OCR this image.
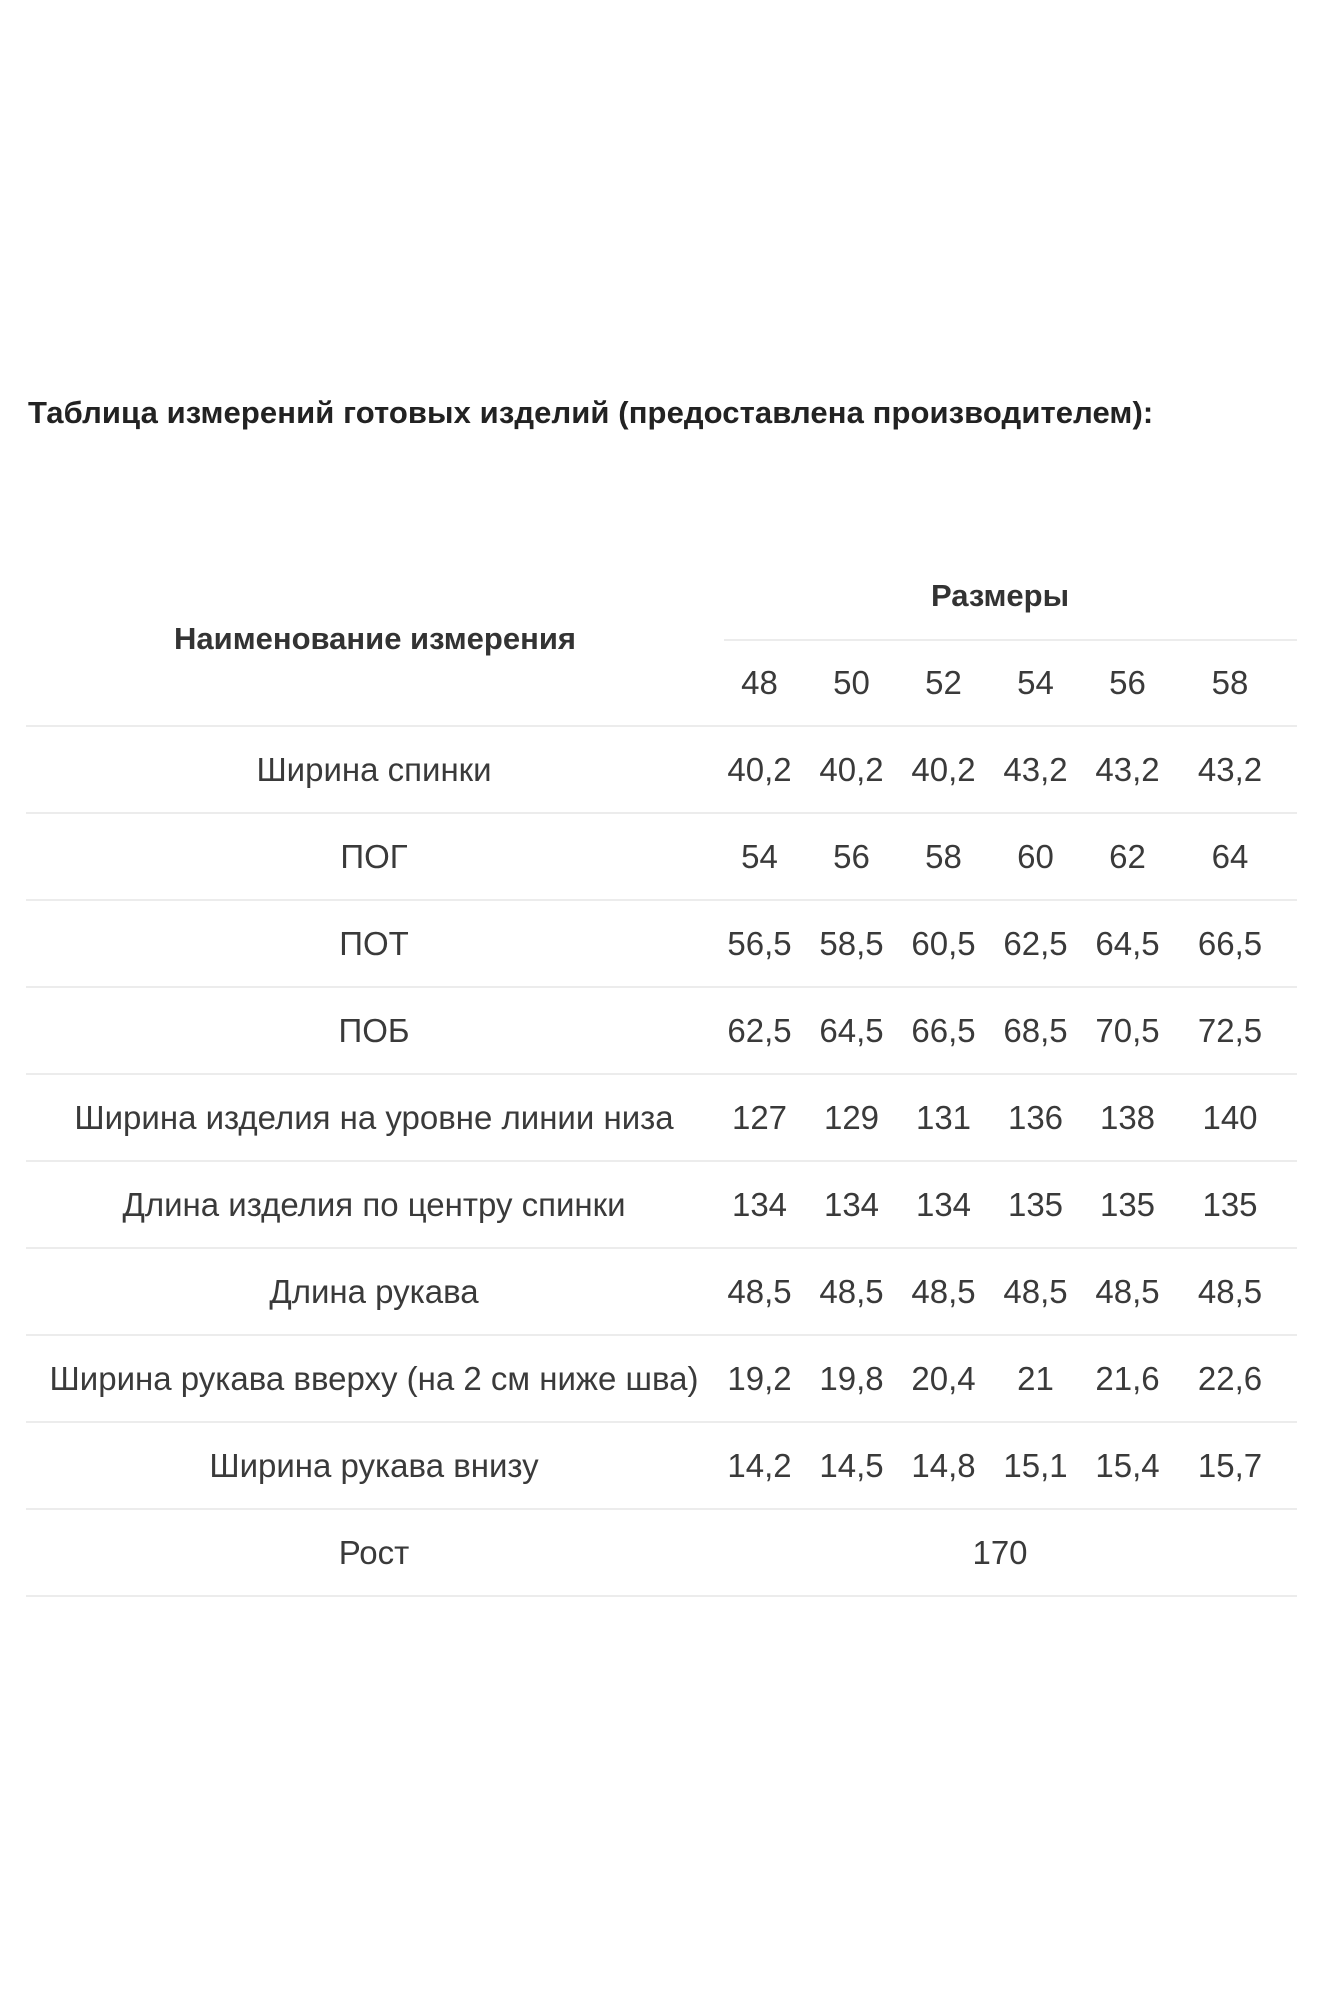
Таблица измерений готовых изделий (предоставлена производителем):
Наименование измерения	Размеры					
	48	50	52	54	56	58
Ширина спинки	40,2	40,2	40,2	43,2	43,2	43,2
ПОГ	54	56	58	60	62	64
ПОТ	56,5	58,5	60,5	62,5	64,5	66,5
ПОБ	62,5	64,5	66,5	68,5	70,5	72,5
Ширина изделия на уровне линии низа	127	129	131	136	138	140
Длина изделия по центру спинки	134	134	134	135	135	135
Длина рукава	48,5	48,5	48,5	48,5	48,5	48,5
Ширина рукава вверху (на 2 см ниже шва)	19,2	19,8	20,4	21	21,6	22,6
Ширина рукава внизу	14,2	14,5	14,8	15,1	15,4	15,7
Рост	170					
